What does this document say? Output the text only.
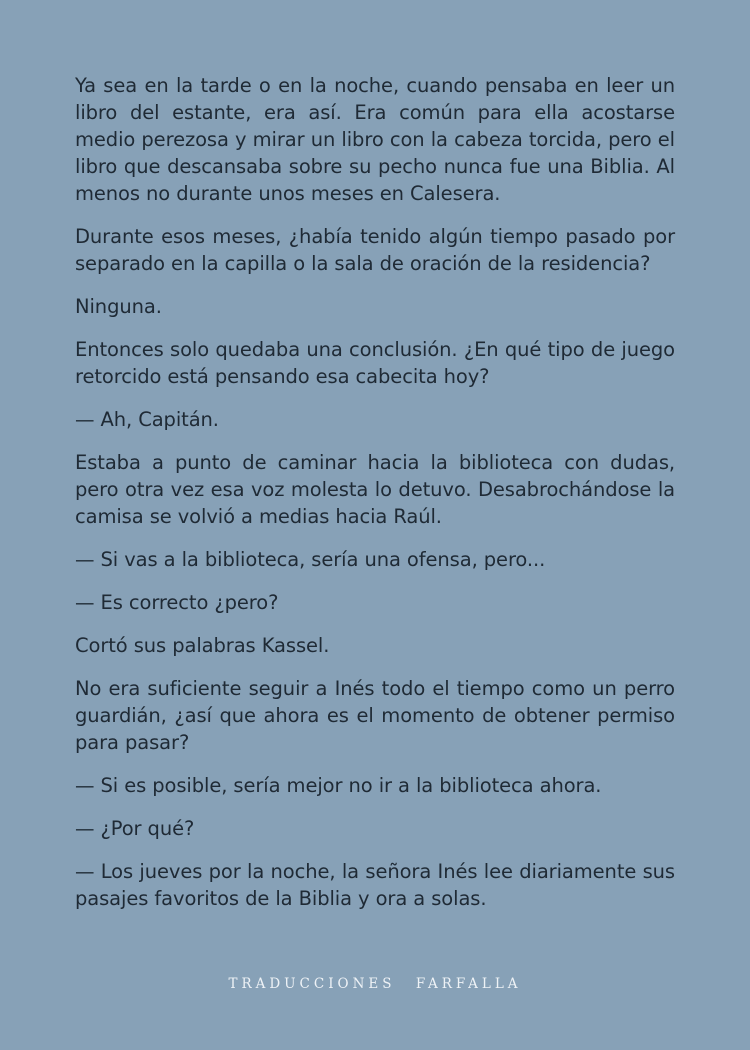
Ya sea en la tarde o en la noche, cuando pensaba en leer un libro del estante, era así. Era común para ella acostarse medio perezosa y mirar un libro con la cabeza torcida, pero el libro que descansaba sobre su pecho nunca fue una Biblia. Al menos no durante unos meses en Calesera.

Durante esos meses, ¿había tenido algún tiempo pasado por separado en la capilla o la sala de oración de la residencia?

Ninguna.

Entonces solo quedaba una conclusión. ¿En qué tipo de juego retorcido está pensando esa cabecita hoy?

— Ah, Capitán.

Estaba a punto de caminar hacia la biblioteca con dudas, pero otra vez esa voz molesta lo detuvo. Desabrochándose la camisa se volvió a medias hacia Raúl.

— Si vas a la biblioteca, sería una ofensa, pero...

— Es correcto ¿pero?

Cortó sus palabras Kassel.

No era suficiente seguir a Inés todo el tiempo como un perro guardián, ¿así que ahora es el momento de obtener permiso para pasar?

— Si es posible, sería mejor no ir a la biblioteca ahora.

— ¿Por qué?

— Los jueves por la noche, la señora Inés lee diariamente sus pasajes favoritos de la Biblia y ora a solas.

TRADUCCIONES FARFALLA
